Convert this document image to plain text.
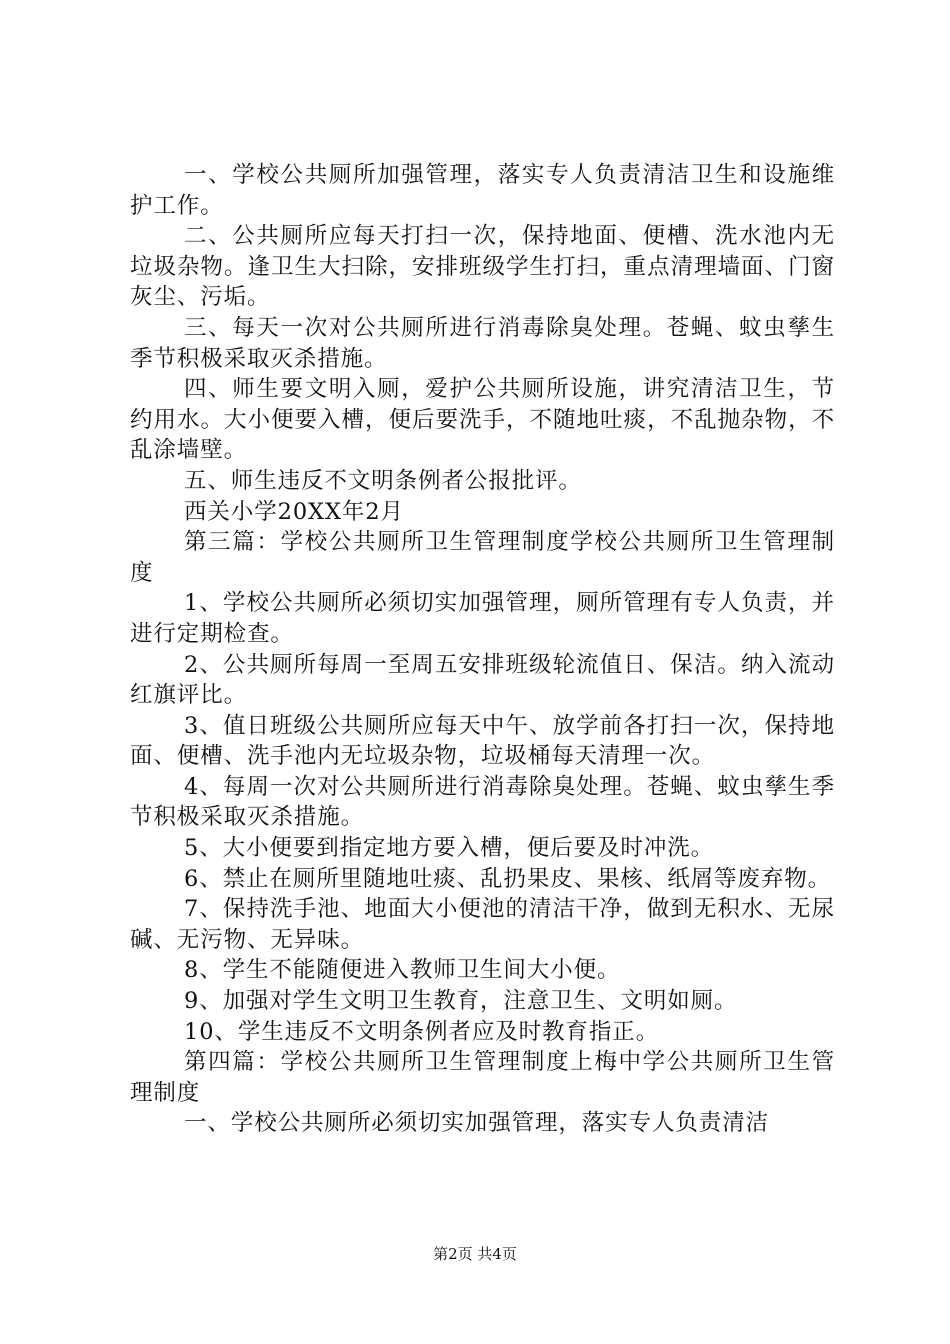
一、学校公共厕所加强管理，落实专人负责清洁卫生和设施维护工作。

二、公共厕所应每天打扫一次，保持地面、便槽、洗水池内无垃圾杂物。逢卫生大扫除，安排班级学生打扫，重点清理墙面、门窗灰尘、污垢。

三、每天一次对公共厕所进行消毒除臭处理。苍蝇、蚊虫孳生季节积极采取灭杀措施。

四、师生要文明入厕，爱护公共厕所设施，讲究清洁卫生，节约用水。大小便要入槽，便后要洗手，不随地吐痰，不乱抛杂物，不乱涂墙壁。

五、师生违反不文明条例者公报批评。

西关小学20XX年2月

第三篇：学校公共厕所卫生管理制度学校公共厕所卫生管理制度

1、学校公共厕所必须切实加强管理，厕所管理有专人负责，并进行定期检查。

2、公共厕所每周一至周五安排班级轮流值日、保洁。纳入流动红旗评比。

3、值日班级公共厕所应每天中午、放学前各打扫一次，保持地面、便槽、洗手池内无垃圾杂物，垃圾桶每天清理一次。

4、每周一次对公共厕所进行消毒除臭处理。苍蝇、蚊虫孳生季节积极采取灭杀措施。

5、大小便要到指定地方要入槽，便后要及时冲洗。

6、禁止在厕所里随地吐痰、乱扔果皮、果核、纸屑等废弃物。

7、保持洗手池、地面大小便池的清洁干净，做到无积水、无尿碱、无污物、无异味。

8、学生不能随便进入教师卫生间大小便。

9、加强对学生文明卫生教育，注意卫生、文明如厕。

10、学生违反不文明条例者应及时教育指正。

第四篇：学校公共厕所卫生管理制度上梅中学公共厕所卫生管理制度

一、学校公共厕所必须切实加强管理，落实专人负责清洁

第2页 共4页
